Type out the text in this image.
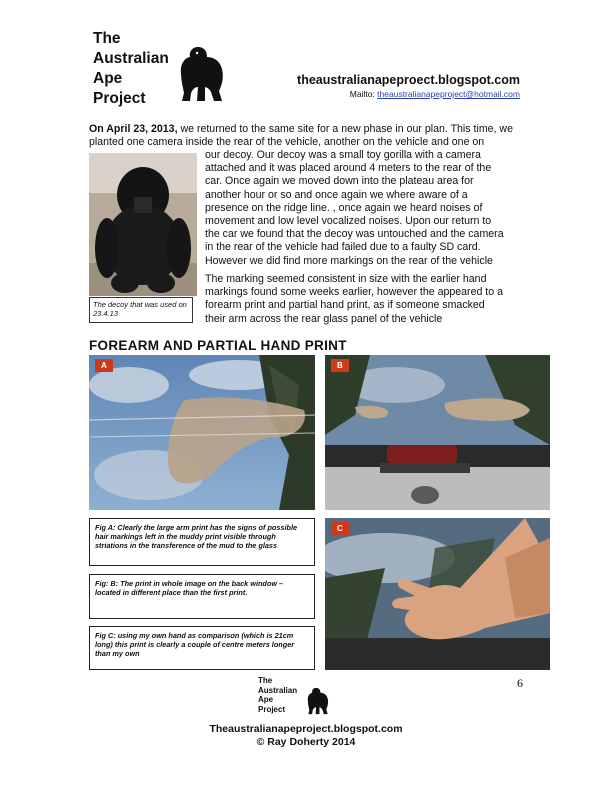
The
Australian
Ape
Project
theaustralianapeproect.blogspot.com
Mailto: theaustralianapeproject@hotmail.com
On April 23, 2013, we returned to the same site for a new phase in our plan. This time, we planted one camera inside the rear of the vehicle, another on the vehicle and one on
The decoy that was used on 23.4.13
our decoy. Our decoy was a small toy gorilla with a camera
attached and it was placed around 4 meters to the rear of the
car. Once again we moved down into the plateau area for
another hour or so and once again we where aware of a
presence on the ridge line. , once again we heard noises of
movement and low level vocalized noises. Upon our return to
the car we found that the decoy was untouched and the camera
in the rear of the vehicle had failed due to a faulty SD card.
However we did find more markings on the rear of the vehicle
The marking seemed consistent in size with the earlier hand
markings found some weeks earlier, however the appeared to a
forearm print and partial hand print, as if someone smacked
their arm across the rear glass panel of the vehicle
FOREARM AND PARTIAL HAND PRINT
A	B
C
Fig A: Clearly the large arm print has the signs of possible hair markings left in the muddy print visible through striations in the transference of the mud to the glass
Fig: B: The print in whole image on the back window – located in different place than the first print.
Fig C: using my own hand as comparison (which is 21cm long) this print is clearly a couple of centre meters longer than my own
6
The
Australian
Ape
Project
Theaustralianapeproject.blogspot.com
© Ray Doherty 2014
